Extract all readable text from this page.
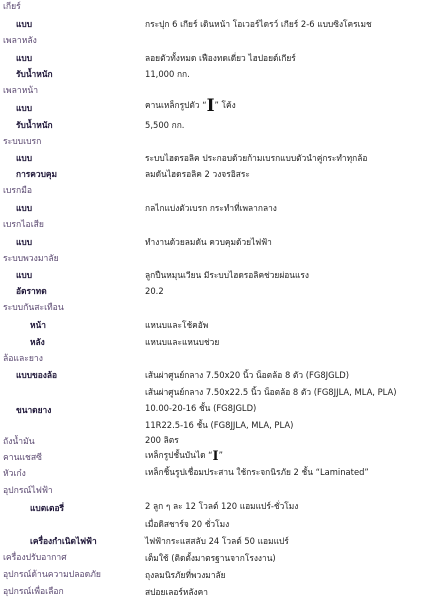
เกียร์
แบบ	กระปุก 6 เกียร์ เดินหน้า โอเวอร์ไดรว์ เกียร์ 2-6 แบบซิงโครเมช
เพลาหลัง
แบบ	ลอยตัวทั้งหมด เฟืองทดเดี่ยว ไฮปอยด์เกียร์
รับน้ำหนัก	11,000 กก.
เพลาหน้า
แบบ	คานเหล็กรูปตัว “I” โค้ง
รับน้ำหนัก	5,500 กก.
ระบบเบรก
แบบ	ระบบไฮดรอลิค ประกอบด้วยก้ามเบรกแบบตัวนำคู่กระทำทุกล้อ
การควบคุม	ลมดันไฮดรอลิค 2 วงจรอิสระ
เบรกมือ
แบบ	กลไกแบ่งตัวเบรก กระทำที่เพลากลาง
เบรกไอเสีย
แบบ	ทำงานด้วยลมดัน ควบคุมด้วยไฟฟ้า
ระบบพวงมาลัย
แบบ	ลูกปืนหมุนเวียน มีระบบไฮดรอลิคช่วยผ่อนแรง
อัตราทด	20.2
ระบบกันสะเทือน
หน้า	แหนบและโช้คอัพ
หลัง	แหนบและแหนบช่วย
ล้อและยาง
แบบของล้อ	เส้นผ่าศูนย์กลาง 7.50x20 นิ้ว น็อตล้อ 8 ตัว (FG8JGLD)
เส้นผ่าศูนย์กลาง 7.50x22.5 นิ้ว น็อตล้อ 8 ตัว (FG8JJLA, MLA, PLA)
ขนาดยาง	10.00-20-16 ชั้น (FG8JGLD)
11R22.5-16 ชั้น (FG8JJLA, MLA, PLA)
ถังน้ำมัน	200 ลิตร
คานแชสซี	เหล็กรูปชั้นบันได “I”
หัวเก๋ง	เหล็กชิ้นรูปเชื่อมประสาน ใช้กระจกนิรภัย 2 ชั้น “Laminated”
อุปกรณ์ไฟฟ้า
แบตเตอรี่	2 ลูก ๆ ละ 12 โวลต์ 120 แอมแปร์-ชั่วโมง
เมื่อดิสชาร์จ 20 ชั่วโมง
เครื่องกำเนิดไฟฟ้า	ไฟฟ้ากระแสสลับ 24 โวลต์ 50 แอมแปร์
เครื่องปรับอากาศ	เต็มใช้ (ติดตั้งมาตรฐานจากโรงงาน)
อุปกรณ์ด้านความปลอดภัย	ถุงลมนิรภัยที่พวงมาลัย
อุปกรณ์เพื่อเลือก	สปอยเลอร์หลังคา
